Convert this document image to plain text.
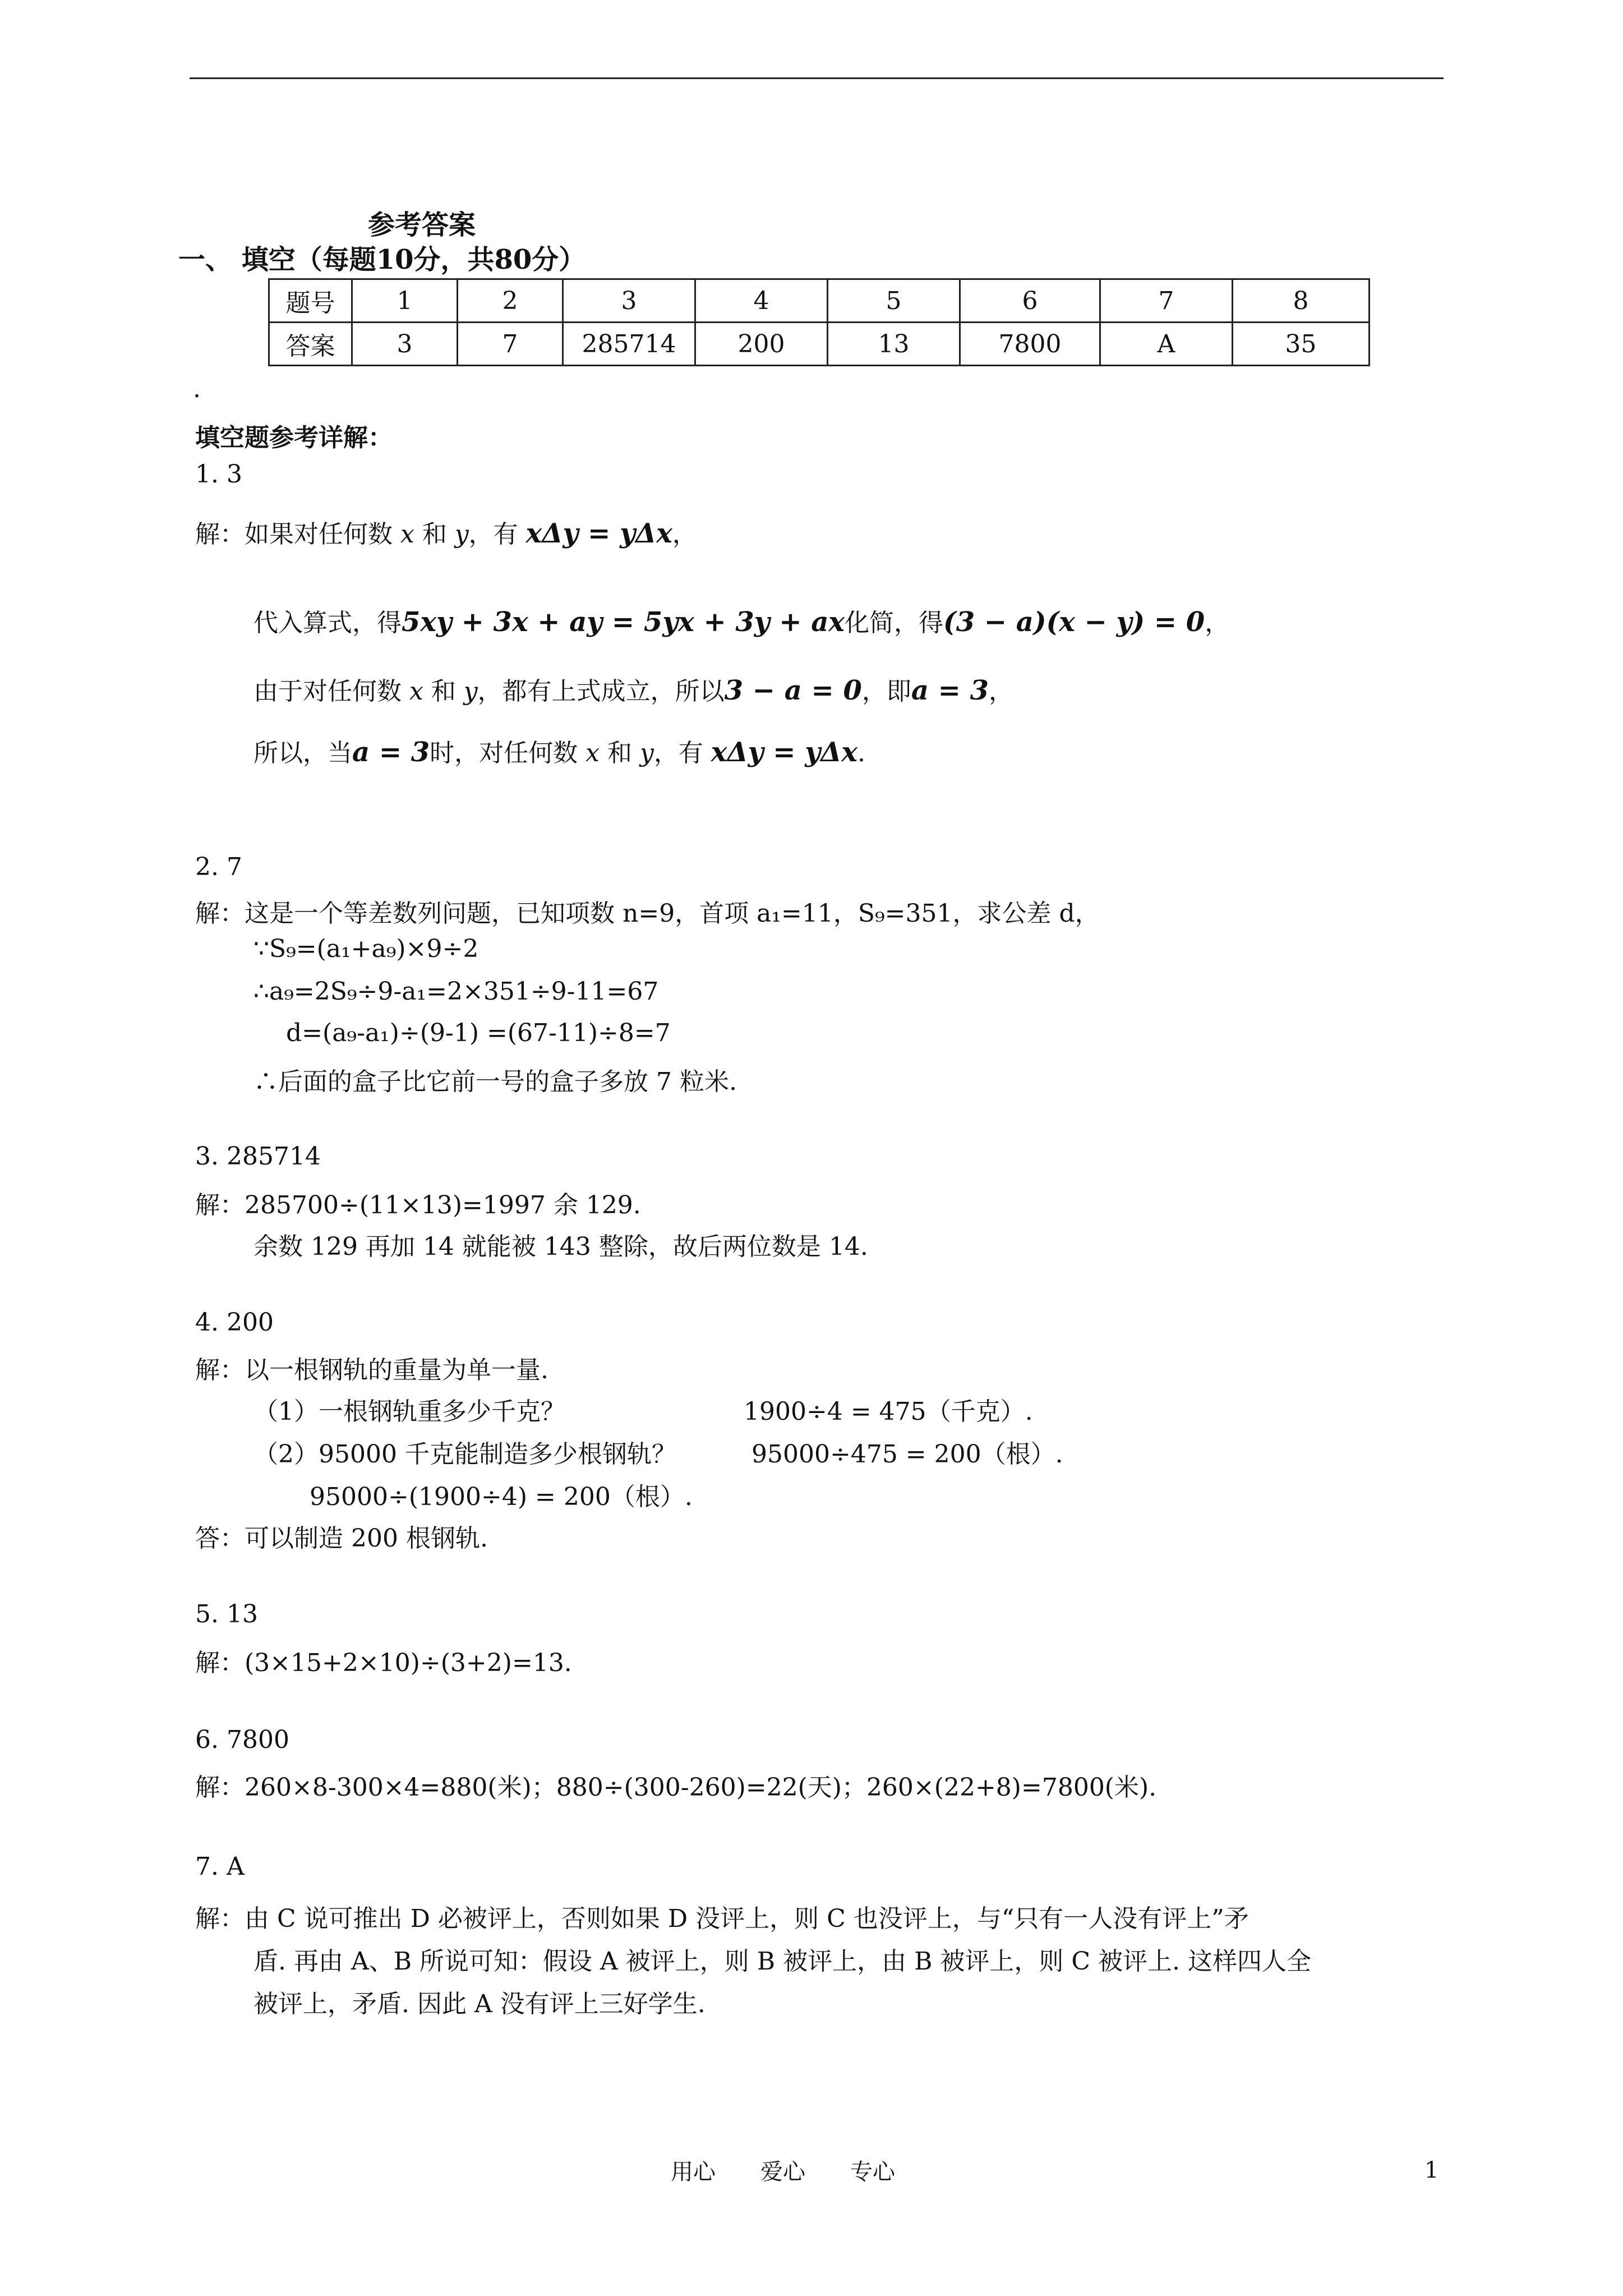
参考答案
一、 填空（每题10分，共80分）
题号	1	2	3	4	5	6	7	8
答案	3	7	285714	200	13	7800	A	35
.
填空题参考详解：
1. 3
解：如果对任何数 x 和 y，有 xΔy = yΔx，
代入算式，得5xy + 3x + ay = 5yx + 3y + ax化简，得(3 − a)(x − y) = 0，
由于对任何数 x 和 y，都有上式成立，所以3 − a = 0，即a = 3，
所以，当a = 3时，对任何数 x 和 y，有 xΔy = yΔx.
2. 7
解：这是一个等差数列问题，已知项数 n=9，首项 a₁=11，S₉=351，求公差 d，
∵S₉=(a₁+a₉)×9÷2
∴a₉=2S₉÷9-a₁=2×351÷9-11=67
d=(a₉-a₁)÷(9-1) =(67-11)÷8=7
∴后面的盒子比它前一号的盒子多放 7 粒米.
3. 285714
解：285700÷(11×13)=1997 余 129.
余数 129 再加 14 就能被 143 整除，故后两位数是 14.
4. 200
解：以一根钢轨的重量为单一量.
（1）一根钢轨重多少千克？	1900÷4 = 475（千克）.
（2）95000 千克能制造多少根钢轨？	95000÷475 = 200（根）.
95000÷(1900÷4) = 200（根）.
答：可以制造 200 根钢轨.
5. 13
解：(3×15+2×10)÷(3+2)=13.
6. 7800
解：260×8-300×4=880(米)；880÷(300-260)=22(天)；260×(22+8)=7800(米).
7. A
解：由 C 说可推出 D 必被评上，否则如果 D 没评上，则 C 也没评上，与“只有一人没有评上”矛
盾. 再由 A、B 所说可知：假设 A 被评上，则 B 被评上，由 B 被评上，则 C 被评上. 这样四人全
被评上，矛盾. 因此 A 没有评上三好学生.
用心　　爱心　　专心	1
